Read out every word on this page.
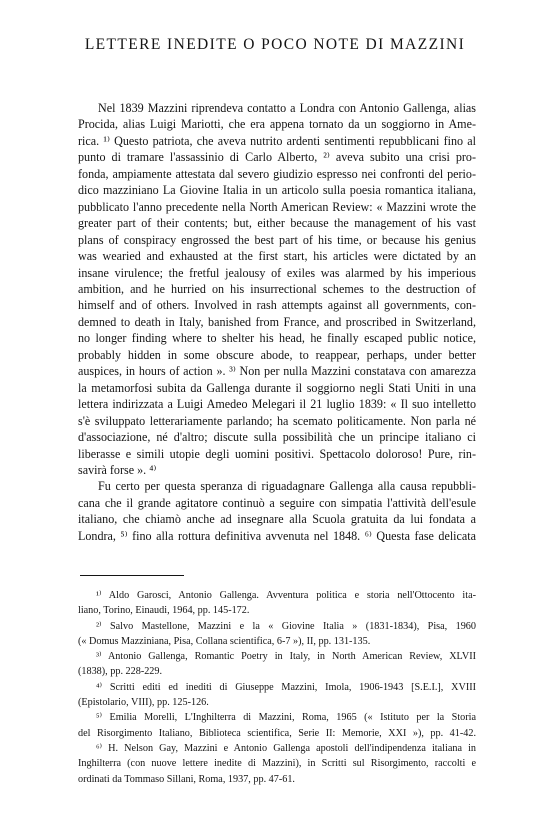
LETTERE INEDITE O POCO NOTE DI MAZZINI
Nel 1839 Mazzini riprendeva contatto a Londra con Antonio Gallenga, alias
Procida, alias Luigi Mariotti, che era appena tornato da un soggiorno in Ame-
rica. ¹⁾ Questo patriota, che aveva nutrito ardenti sentimenti repubblicani fino al
punto di tramare l'assassinio di Carlo Alberto, ²⁾ aveva subito una crisi pro-
fonda, ampiamente attestata dal severo giudizio espresso nei confronti del perio-
dico mazziniano La Giovine Italia in un articolo sulla poesia romantica italiana,
pubblicato l'anno precedente nella North American Review: « Mazzini wrote the
greater part of their contents; but, either because the management of his vast
plans of conspiracy engrossed the best part of his time, or because his genius
was wearied and exhausted at the first start, his articles were dictated by an
insane virulence; the fretful jealousy of exiles was alarmed by his imperious
ambition, and he hurried on his insurrectional schemes to the destruction of
himself and of others. Involved in rash attempts against all governments, con-
demned to death in Italy, banished from France, and proscribed in Switzerland,
no longer finding where to shelter his head, he finally escaped public notice,
probably hidden in some obscure abode, to reappear, perhaps, under better
auspices, in hours of action ». ³⁾ Non per nulla Mazzini constatava con amarezza
la metamorfosi subita da Gallenga durante il soggiorno negli Stati Uniti in una
lettera indirizzata a Luigi Amedeo Melegari il 21 luglio 1839: « Il suo intelletto
s'è sviluppato letterariamente parlando; ha scemato politicamente. Non parla né
d'associazione, né d'altro; discute sulla possibilità che un principe italiano ci
liberasse e simili utopie degli uomini positivi. Spettacolo doloroso! Pure, rin-
savirà forse ». ⁴⁾
Fu certo per questa speranza di riguadagnare Gallenga alla causa repubbli-
cana che il grande agitatore continuò a seguire con simpatia l'attività dell'esule
italiano, che chiamò anche ad insegnare alla Scuola gratuita da lui fondata a
Londra, ⁵⁾ fino alla rottura definitiva avvenuta nel 1848. ⁶⁾ Questa fase delicata
¹⁾ Aldo Garosci, Antonio Gallenga. Avventura politica e storia nell'Ottocento ita-
liano, Torino, Einaudi, 1964, pp. 145-172.
²⁾ Salvo Mastellone, Mazzini e la « Giovine Italia » (1831-1834), Pisa, 1960
(« Domus Mazziniana, Pisa, Collana scientifica, 6-7 »), II, pp. 131-135.
³⁾ Antonio Gallenga, Romantic Poetry in Italy, in North American Review, XLVII
(1838), pp. 228-229.
⁴⁾ Scritti editi ed inediti di Giuseppe Mazzini, Imola, 1906-1943 [S.E.I.], XVIII
(Epistolario, VIII), pp. 125-126.
⁵⁾ Emilia Morelli, L'Inghilterra di Mazzini, Roma, 1965 (« Istituto per la Storia
del Risorgimento Italiano, Biblioteca scientifica, Serie II: Memorie, XXI »), pp. 41-42.
⁶⁾ H. Nelson Gay, Mazzini e Antonio Gallenga apostoli dell'indipendenza italiana in
Inghilterra (con nuove lettere inedite di Mazzini), in Scritti sul Risorgimento, raccolti e
ordinati da Tommaso Sillani, Roma, 1937, pp. 47-61.
